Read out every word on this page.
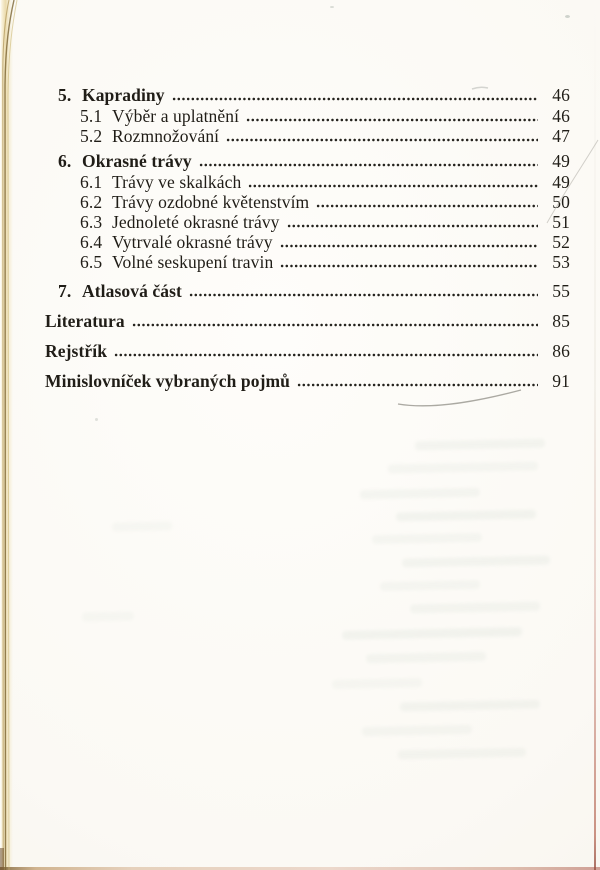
5. Kapradiny	46
5.1 Výběr a uplatnění	46
5.2 Rozmnožování	47
6. Okrasné trávy	49
6.1 Trávy ve skalkách	49
6.2 Trávy ozdobné květenstvím	50
6.3 Jednoleté okrasné trávy	51
6.4 Vytrvalé okrasné trávy	52
6.5 Volné seskupení travin	53
7. Atlasová část	55
Literatura	85
Rejstřík	86
Minislovníček vybraných pojmů	91
